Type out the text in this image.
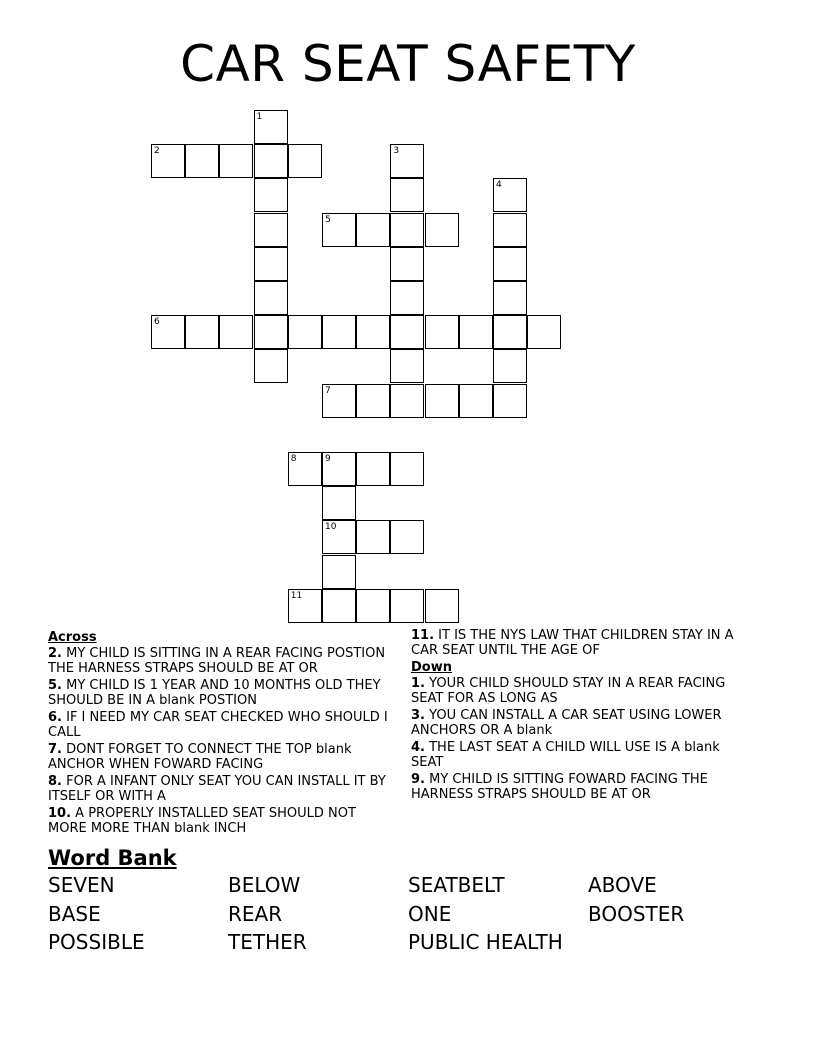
CAR SEAT SAFETY
1
2	3
4
5
6
7
8	9
10
11
Across
2. MY CHILD IS SITTING IN A REAR FACING POSTION THE HARNESS STRAPS SHOULD BE AT OR
5. MY CHILD IS 1 YEAR AND 10 MONTHS OLD THEY SHOULD BE IN A blank POSTION
6. IF I NEED MY CAR SEAT CHECKED WHO SHOULD I CALL
7. DONT FORGET TO CONNECT THE TOP blank ANCHOR WHEN FOWARD FACING
8. FOR A INFANT ONLY SEAT YOU CAN INSTALL IT BY ITSELF OR WITH A
10. A PROPERLY INSTALLED SEAT SHOULD NOT MORE MORE THAN blank INCH
11. IT IS THE NYS LAW THAT CHILDREN STAY IN A CAR SEAT UNTIL THE AGE OF
Down
1. YOUR CHILD SHOULD STAY IN A REAR FACING SEAT FOR AS LONG AS
3. YOU CAN INSTALL A CAR SEAT USING LOWER ANCHORS OR A blank
4. THE LAST SEAT A CHILD WILL USE IS A blank SEAT
9. MY CHILD IS SITTING FOWARD FACING THE HARNESS STRAPS SHOULD BE AT OR
Word Bank
SEVEN	BELOW	SEATBELT	ABOVE
BASE	REAR	ONE	BOOSTER
POSSIBLE	TETHER	PUBLIC HEALTH
